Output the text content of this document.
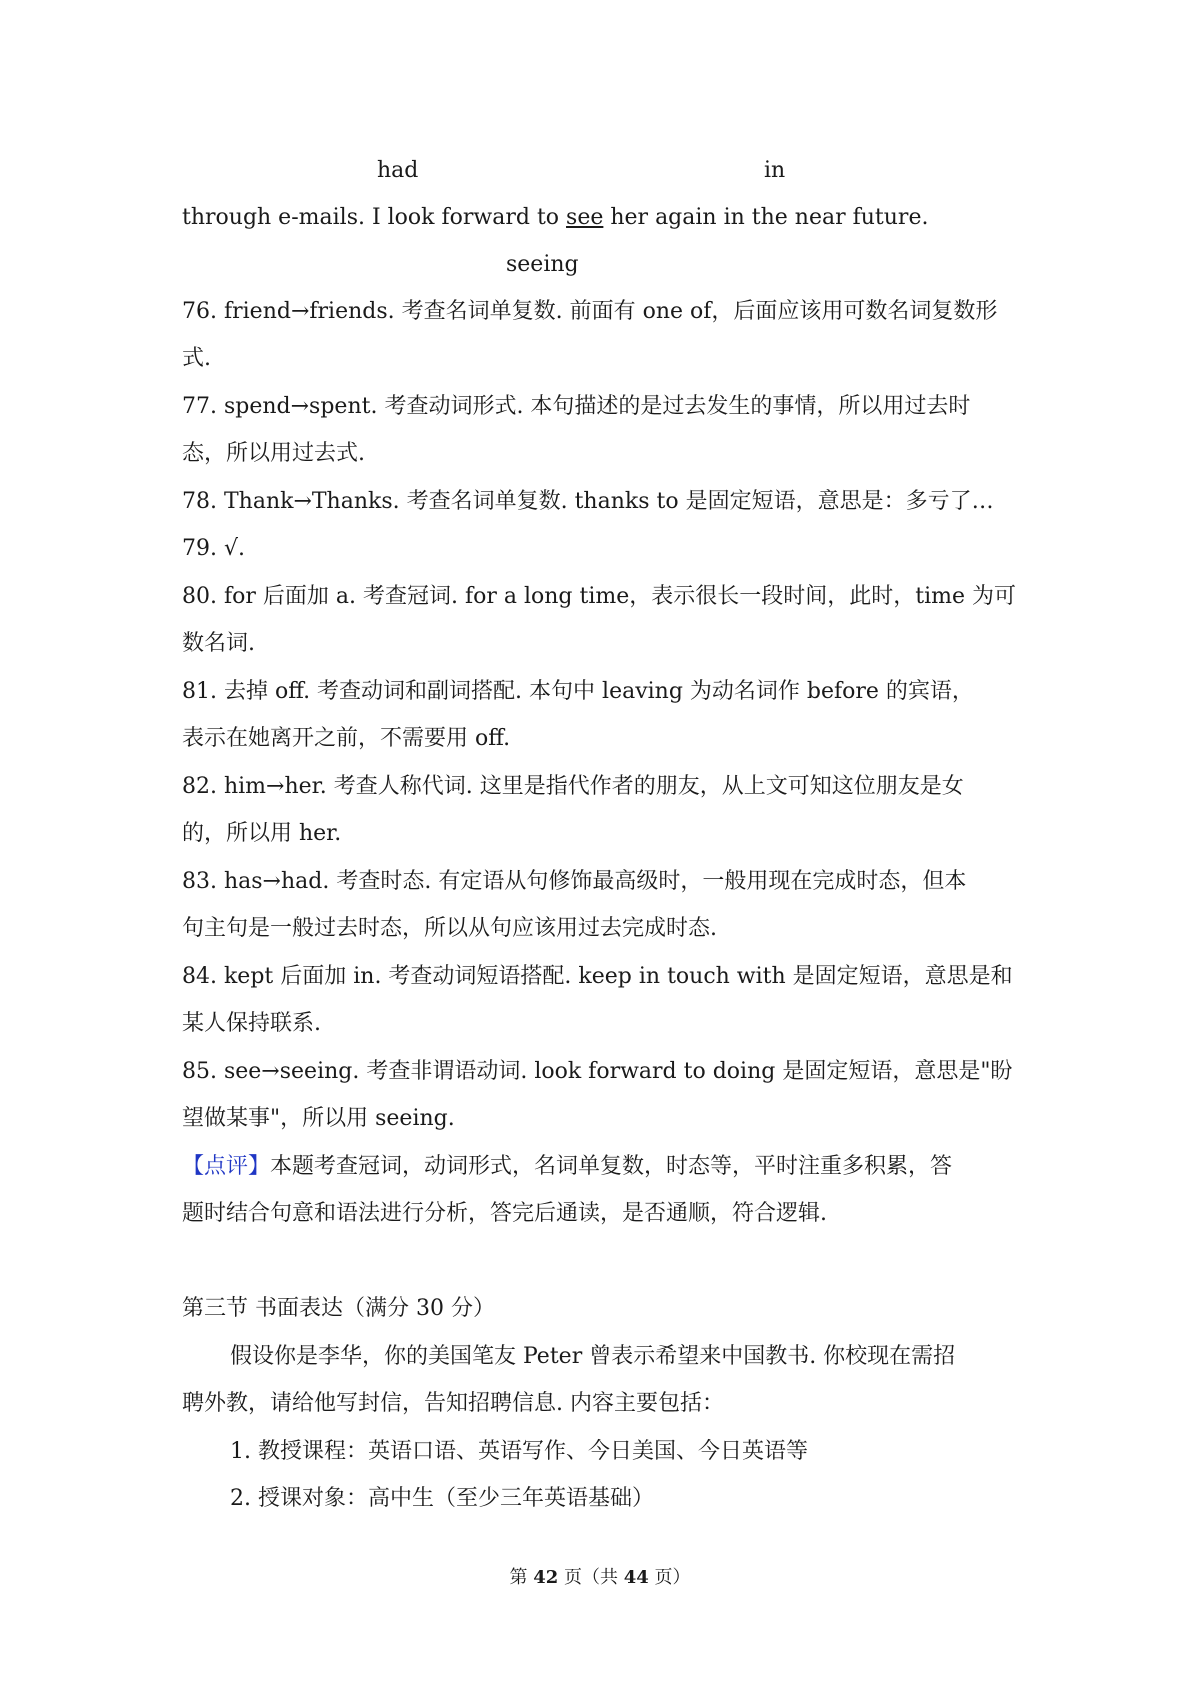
had	in
through e-mails. I look forward to see her again in the near future.
seeing
76. friend→friends. 考查名词单复数. 前面有 one of，后面应该用可数名词复数形
式.
77. spend→spent. 考查动词形式. 本句描述的是过去发生的事情，所以用过去时
态，所以用过去式.
78. Thank→Thanks. 考查名词单复数. thanks to 是固定短语，意思是：多亏了…
79. √.
80. for 后面加 a. 考查冠词. for a long time，表示很长一段时间，此时，time 为可
数名词.
81. 去掉 off. 考查动词和副词搭配. 本句中 leaving 为动名词作 before 的宾语，
表示在她离开之前，不需要用 off.
82. him→her. 考查人称代词. 这里是指代作者的朋友，从上文可知这位朋友是女
的，所以用 her.
83. has→had. 考查时态. 有定语从句修饰最高级时，一般用现在完成时态，但本
句主句是一般过去时态，所以从句应该用过去完成时态.
84. kept 后面加 in. 考查动词短语搭配. keep in touch with 是固定短语，意思是和
某人保持联系.
85. see→seeing. 考查非谓语动词. look forward to doing 是固定短语，意思是"盼
望做某事"，所以用 seeing.
【点评】本题考查冠词，动词形式，名词单复数，时态等，平时注重多积累，答
题时结合句意和语法进行分析，答完后通读，是否通顺，符合逻辑.
第三节 书面表达（满分 30 分）
假设你是李华，你的美国笔友 Peter 曾表示希望来中国教书. 你校现在需招
聘外教，请给他写封信，告知招聘信息. 内容主要包括：
1. 教授课程：英语口语、英语写作、今日美国、今日英语等
2. 授课对象：高中生（至少三年英语基础）
第 42 页（共 44 页）
